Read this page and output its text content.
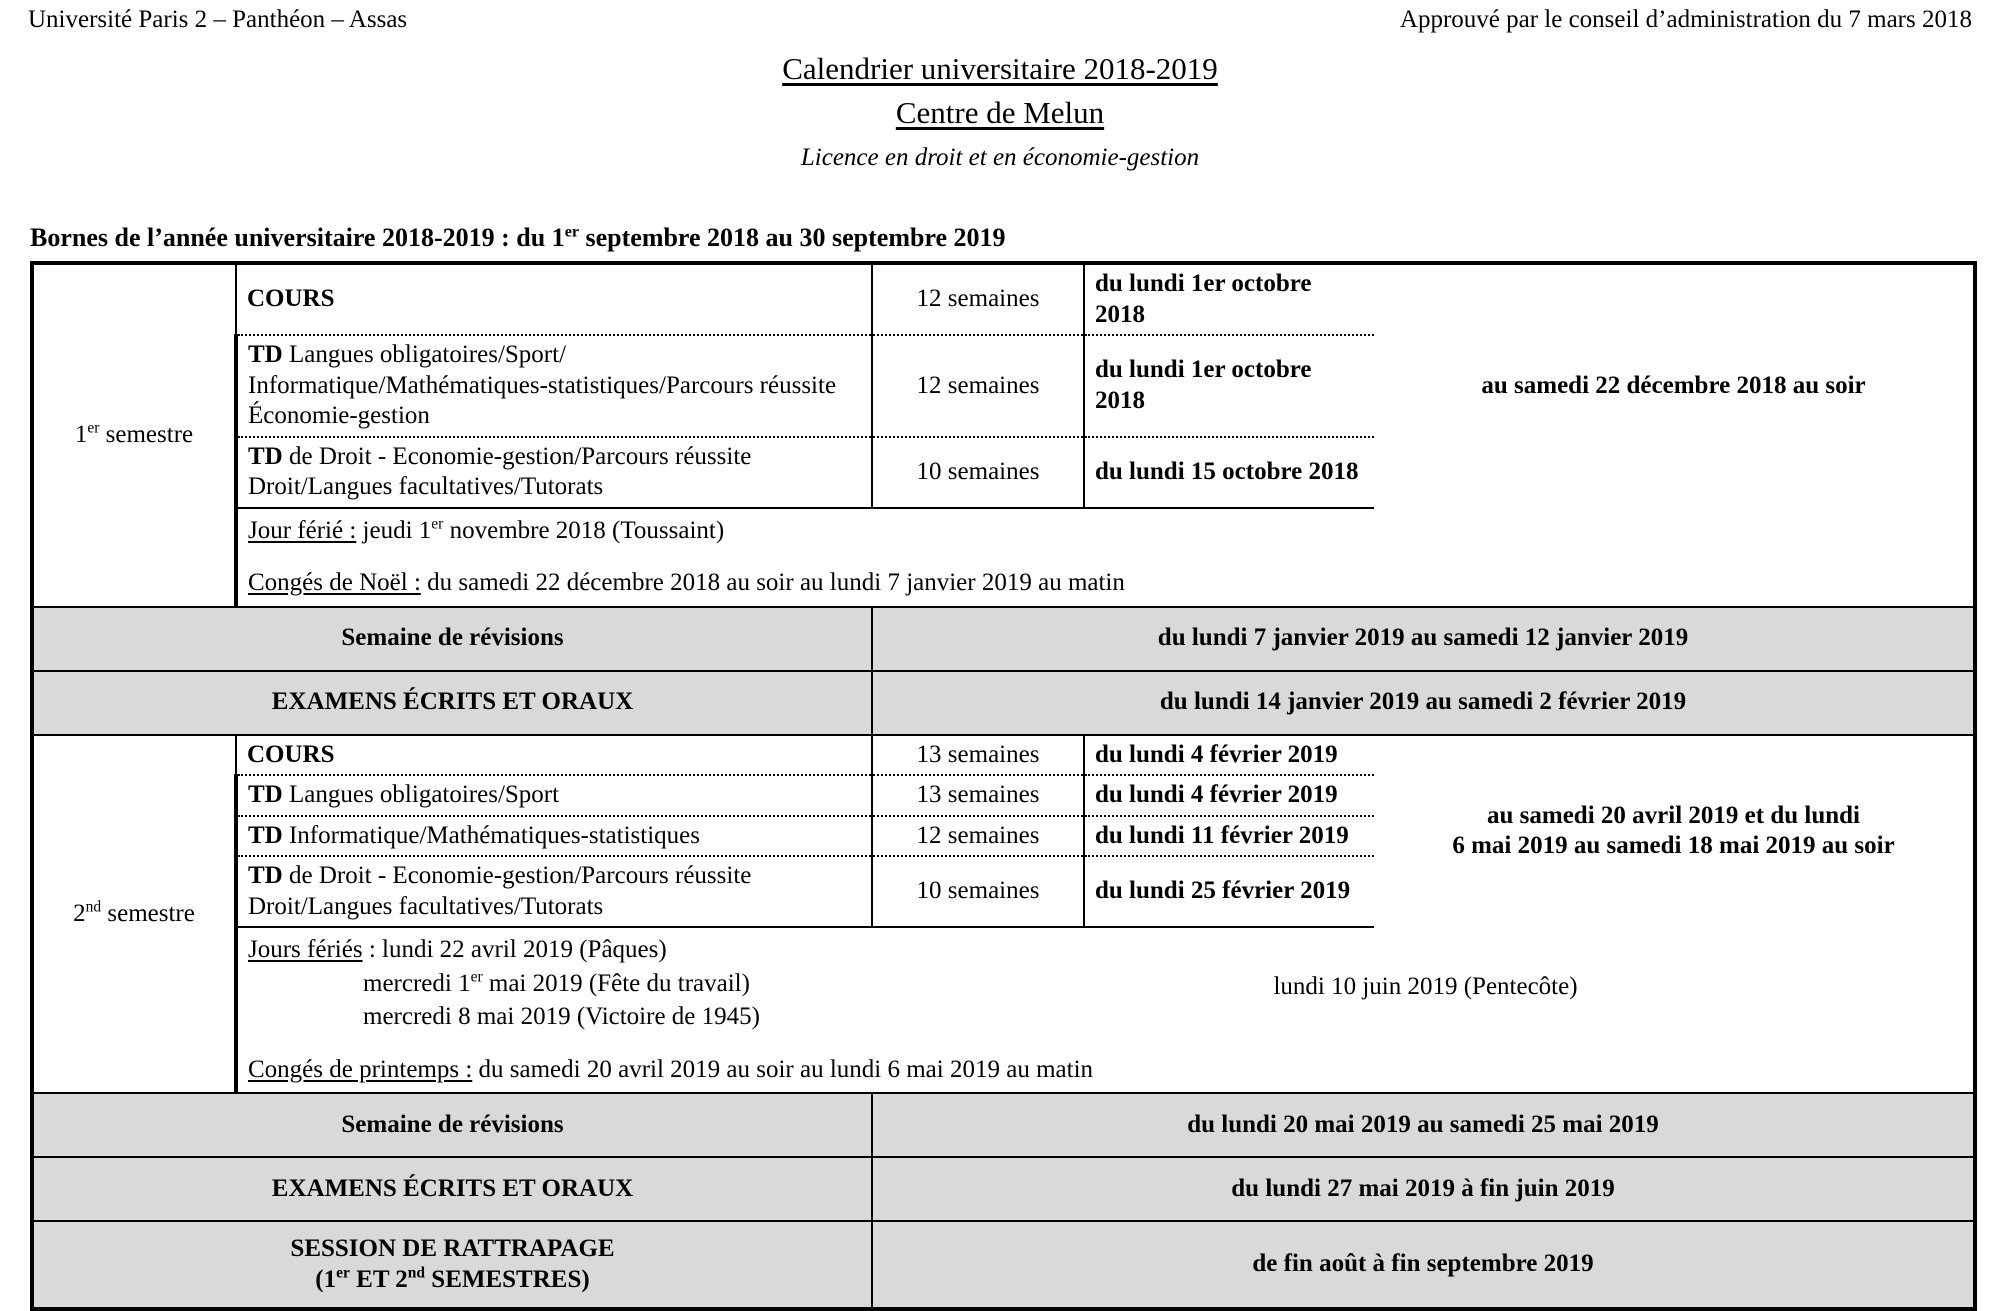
Université Paris 2 – Panthéon – Assas	Approuvé par le conseil d’administration du 7 mars 2018
Calendrier universitaire 2018-2019
Centre de Melun
Licence en droit et en économie-gestion
Bornes de l’année universitaire 2018-2019 : du 1er septembre 2018 au 30 septembre 2019
1er semestre	COURS	12 semaines	du lundi 1er octobre 2018	au samedi 22 décembre 2018 au soir
	TD Langues obligatoires/Sport/ Informatique/Mathématiques-statistiques/Parcours réussite Économie-gestion	12 semaines	du lundi 1er octobre 2018	
	TD de Droit - Economie-gestion/Parcours réussite Droit/Langues facultatives/Tutorats	10 semaines	du lundi 15 octobre 2018	

	Jour férié : jeudi 1er novembre 2018 (Toussaint)
Congés de Noël : du samedi 22 décembre 2018 au soir au lundi 7 janvier 2019 au matin			

Semaine de révisions		du lundi 7 janvier 2019 au samedi 12 janvier 2019		
EXAMENS ÉCRITS ET ORAUX		du lundi 14 janvier 2019 au samedi 2 février 2019		
2nd semestre	COURS	13 semaines	du lundi 4 février 2019	au samedi 20 avril 2019 et du lundi
6 mai 2019 au samedi 18 mai 2019 au soir

	TD Langues obligatoires/Sport	13 semaines	du lundi 4 février 2019	
	TD Informatique/Mathématiques-statistiques	12 semaines	du lundi 11 février 2019	
	TD de Droit - Economie-gestion/Parcours réussite Droit/Langues facultatives/Tutorats	10 semaines	du lundi 25 février 2019	

	Jours fériés : lundi 22 avril 2019 (Pâques)
mercredi 1er mai 2019 (Fête du travail)
mercredi 8 mai 2019 (Victoire de 1945)
lundi 10 juin 2019 (Pentecôte)
Congés de printemps : du samedi 20 avril 2019 au soir au lundi 6 mai 2019 au matin			

Semaine de révisions		du lundi 20 mai 2019 au samedi 25 mai 2019		
EXAMENS ÉCRITS ET ORAUX		du lundi 27 mai 2019 à fin juin 2019		

SESSION DE RATTRAPAGE
(1er ET 2nd SEMESTRES)		de fin août à fin septembre 2019		
